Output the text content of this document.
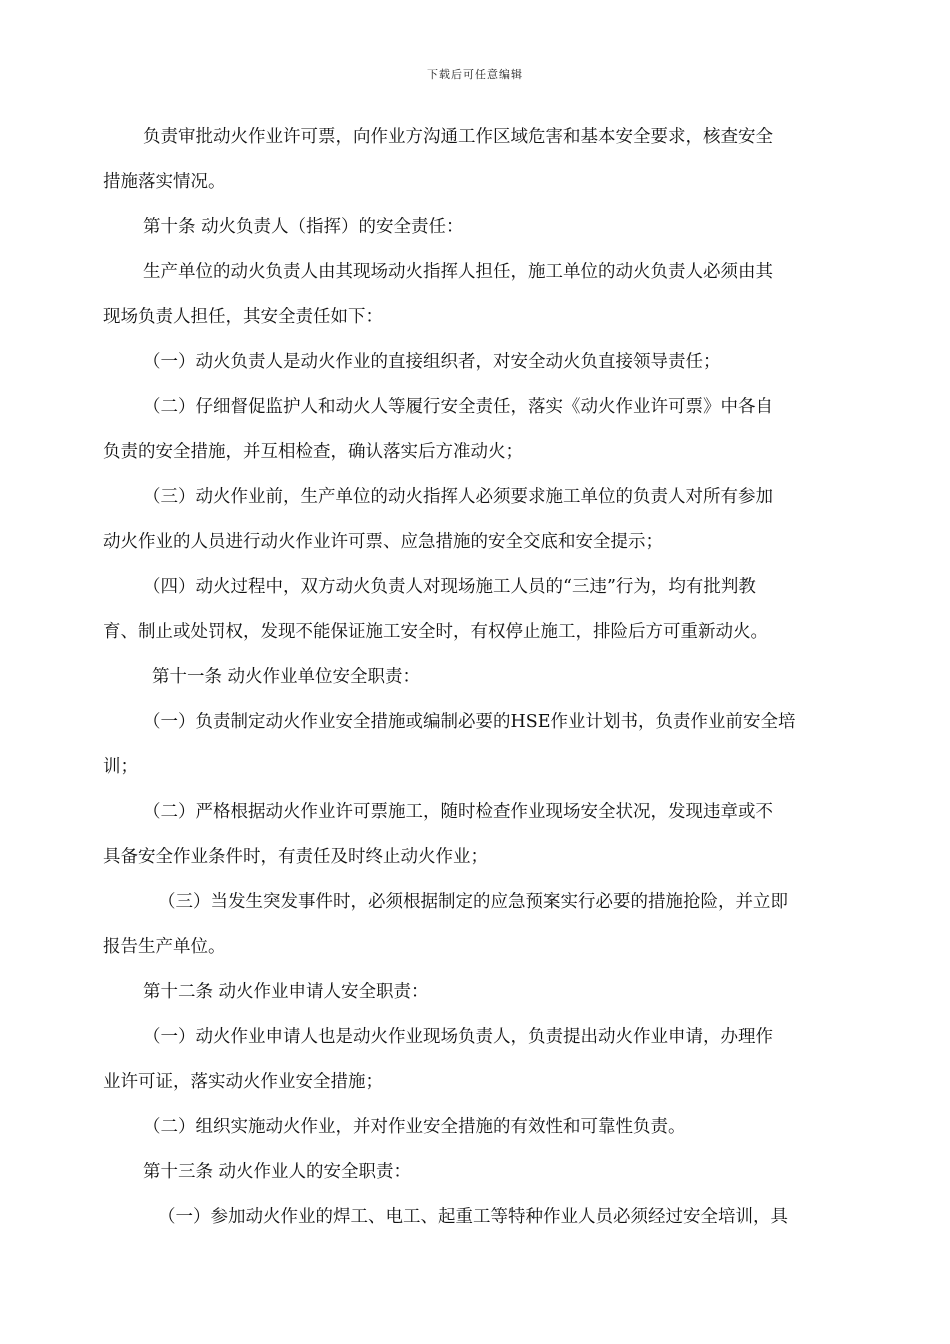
下载后可任意编辑
负责审批动火作业许可票，向作业方沟通工作区域危害和基本安全要求，核查安全
措施落实情况。
第十条 动火负责人（指挥）的安全责任：
生产单位的动火负责人由其现场动火指挥人担任，施工单位的动火负责人必须由其
现场负责人担任，其安全责任如下：
（一）动火负责人是动火作业的直接组织者，对安全动火负直接领导责任；
（二）仔细督促监护人和动火人等履行安全责任，落实《动火作业许可票》中各自
负责的安全措施，并互相检查，确认落实后方准动火；
（三）动火作业前，生产单位的动火指挥人必须要求施工单位的负责人对所有参加
动火作业的人员进行动火作业许可票、应急措施的安全交底和安全提示；
（四）动火过程中，双方动火负责人对现场施工人员的“三违”行为，均有批判教
育、制止或处罚权，发现不能保证施工安全时，有权停止施工，排险后方可重新动火。
第十一条 动火作业单位安全职责：
（一）负责制定动火作业安全措施或编制必要的HSE作业计划书，负责作业前安全培
训；
（二）严格根据动火作业许可票施工，随时检查作业现场安全状况，发现违章或不
具备安全作业条件时，有责任及时终止动火作业；
（三）当发生突发事件时，必须根据制定的应急预案实行必要的措施抢险，并立即
报告生产单位。
第十二条 动火作业申请人安全职责：
（一）动火作业申请人也是动火作业现场负责人，负责提出动火作业申请，办理作
业许可证，落实动火作业安全措施；
（二）组织实施动火作业，并对作业安全措施的有效性和可靠性负责。
第十三条 动火作业人的安全职责：
（一）参加动火作业的焊工、电工、起重工等特种作业人员必须经过安全培训，具
